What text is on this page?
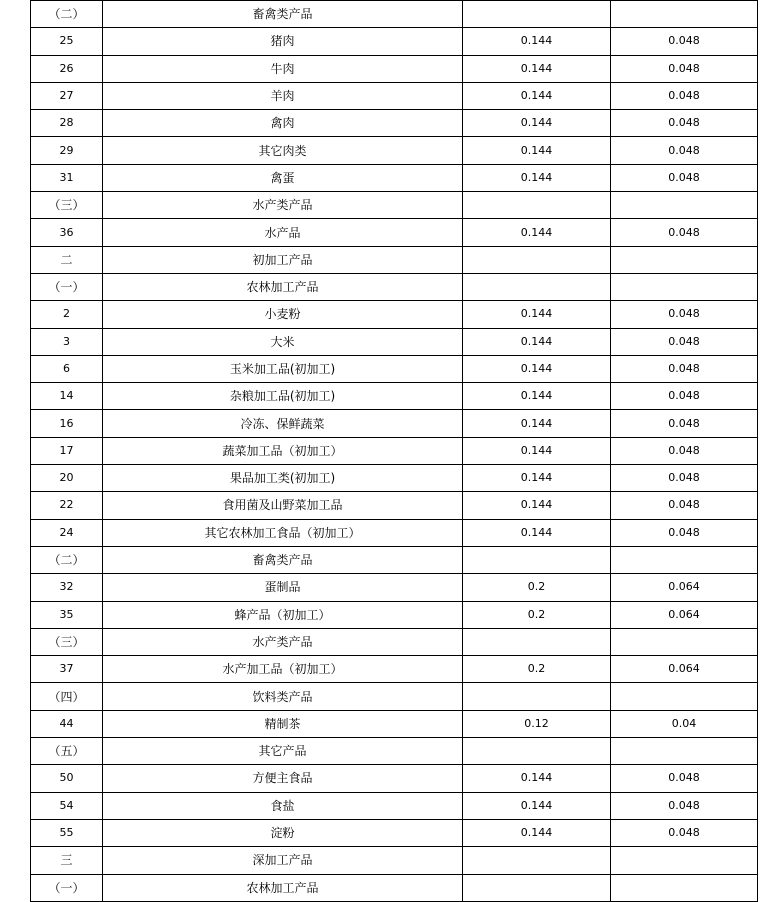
（二）	畜禽类产品		
25	猪肉	0.144	0.048
26	牛肉	0.144	0.048
27	羊肉	0.144	0.048
28	禽肉	0.144	0.048
29	其它肉类	0.144	0.048
31	禽蛋	0.144	0.048
（三）	水产类产品		
36	水产品	0.144	0.048
二	初加工产品		
（一）	农林加工产品		
2	小麦粉	0.144	0.048
3	大米	0.144	0.048
6	玉米加工品(初加工)	0.144	0.048
14	杂粮加工品(初加工)	0.144	0.048
16	冷冻、保鲜蔬菜	0.144	0.048
17	蔬菜加工品（初加工）	0.144	0.048
20	果品加工类(初加工)	0.144	0.048
22	食用菌及山野菜加工品	0.144	0.048
24	其它农林加工食品（初加工）	0.144	0.048
（二）	畜禽类产品		
32	蛋制品	0.2	0.064
35	蜂产品（初加工）	0.2	0.064
（三）	水产类产品		
37	水产加工品（初加工）	0.2	0.064
（四）	饮料类产品		
44	精制茶	0.12	0.04
（五）	其它产品		
50	方便主食品	0.144	0.048
54	食盐	0.144	0.048
55	淀粉	0.144	0.048
三	深加工产品		
（一）	农林加工产品		
